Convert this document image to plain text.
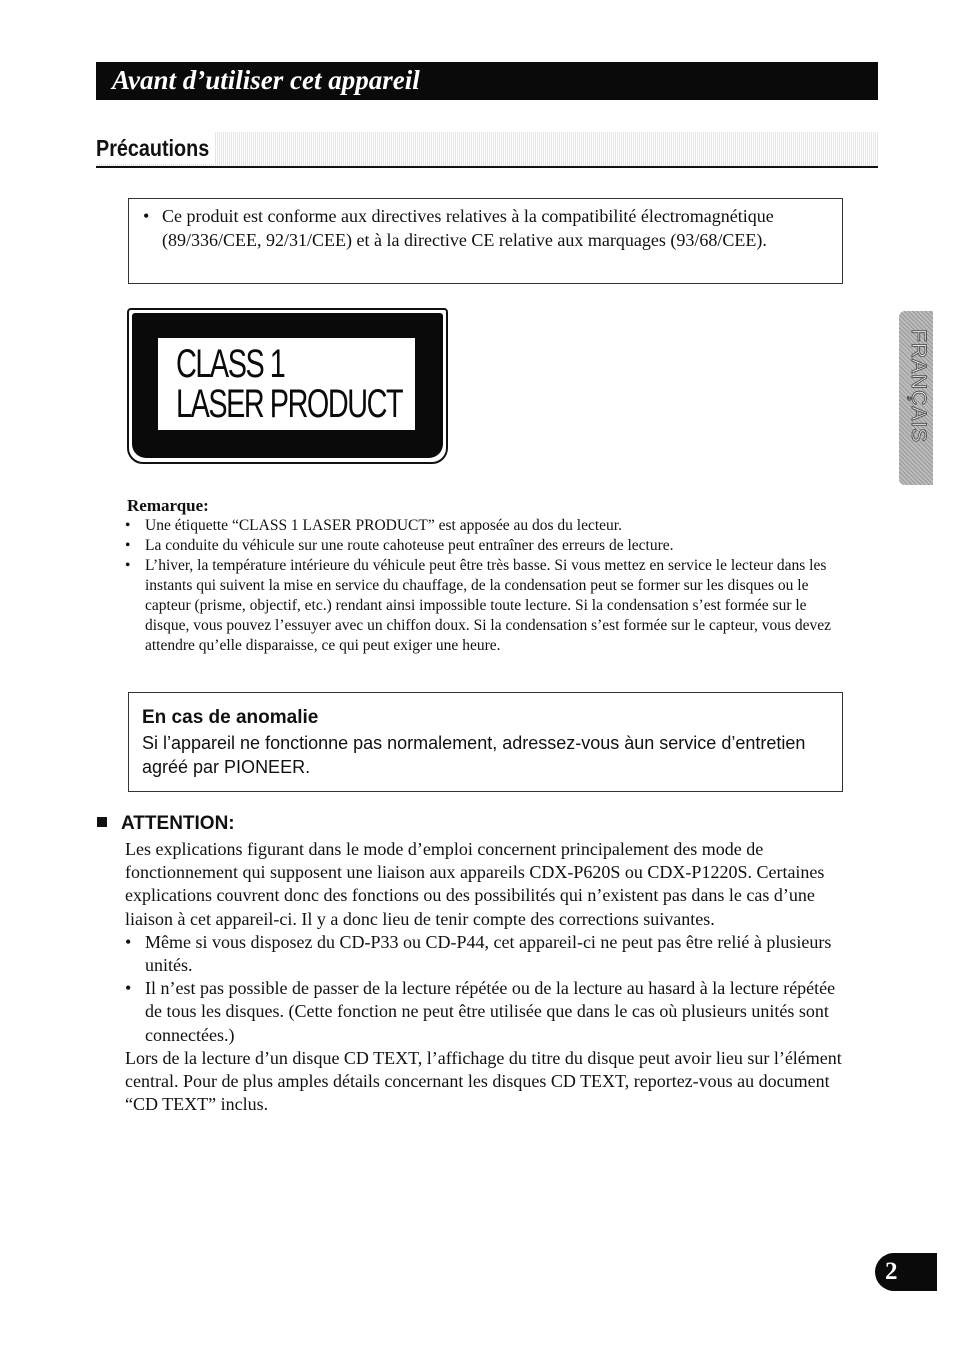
Avant d’utiliser cet appareil
Précautions
• Ce produit est conforme aux directives relatives à la compatibilité électromagnétique (89/336/CEE, 92/31/CEE) et à la directive CE relative aux marquages (93/68/CEE).
CLASS 1
LASER PRODUCT
Remarque:
• Une étiquette “CLASS 1 LASER PRODUCT” est apposée au dos du lecteur.
• La conduite du véhicule sur une route cahoteuse peut entraîner des erreurs de lecture.
• L’hiver, la température intérieure du véhicule peut être très basse. Si vous mettez en service le lecteur dans les instants qui suivent la mise en service du chauffage, de la condensation peut se former sur les disques ou le capteur (prisme, objectif, etc.) rendant ainsi impossible toute lecture. Si la condensation s’est formée sur le disque, vous pouvez l’essuyer avec un chiffon doux. Si la condensation s’est formée sur le capteur, vous devez attendre qu’elle disparaisse, ce qui peut exiger une heure.
En cas de anomalie
Si l’appareil ne fonctionne pas normalement, adressez-vous àun service d’entretien agréé par PIONEER.
ATTENTION:

Les explications figurant dans le mode d’emploi concernent principalement des mode de fonctionnement qui supposent une liaison aux appareils CDX-P620S ou CDX-P1220S. Certaines explications couvrent donc des fonctions ou des possibilités qui n’existent pas dans le cas d’une liaison à cet appareil-ci. Il y a donc lieu de tenir compte des corrections suivantes.

• Même si vous disposez du CD-P33 ou CD-P44, cet appareil-ci ne peut pas être relié à plusieurs unités.
• Il n’est pas possible de passer de la lecture répétée ou de la lecture au hasard à la lecture répétée de tous les disques. (Cette fonction ne peut être utilisée que dans le cas où plusieurs unités sont connectées.)

Lors de la lecture d’un disque CD TEXT, l’affichage du titre du disque peut avoir lieu sur l’élément central. Pour de plus amples détails concernant les disques CD TEXT, reportez-vous au document “CD TEXT” inclus.

FRANÇAIS
2
